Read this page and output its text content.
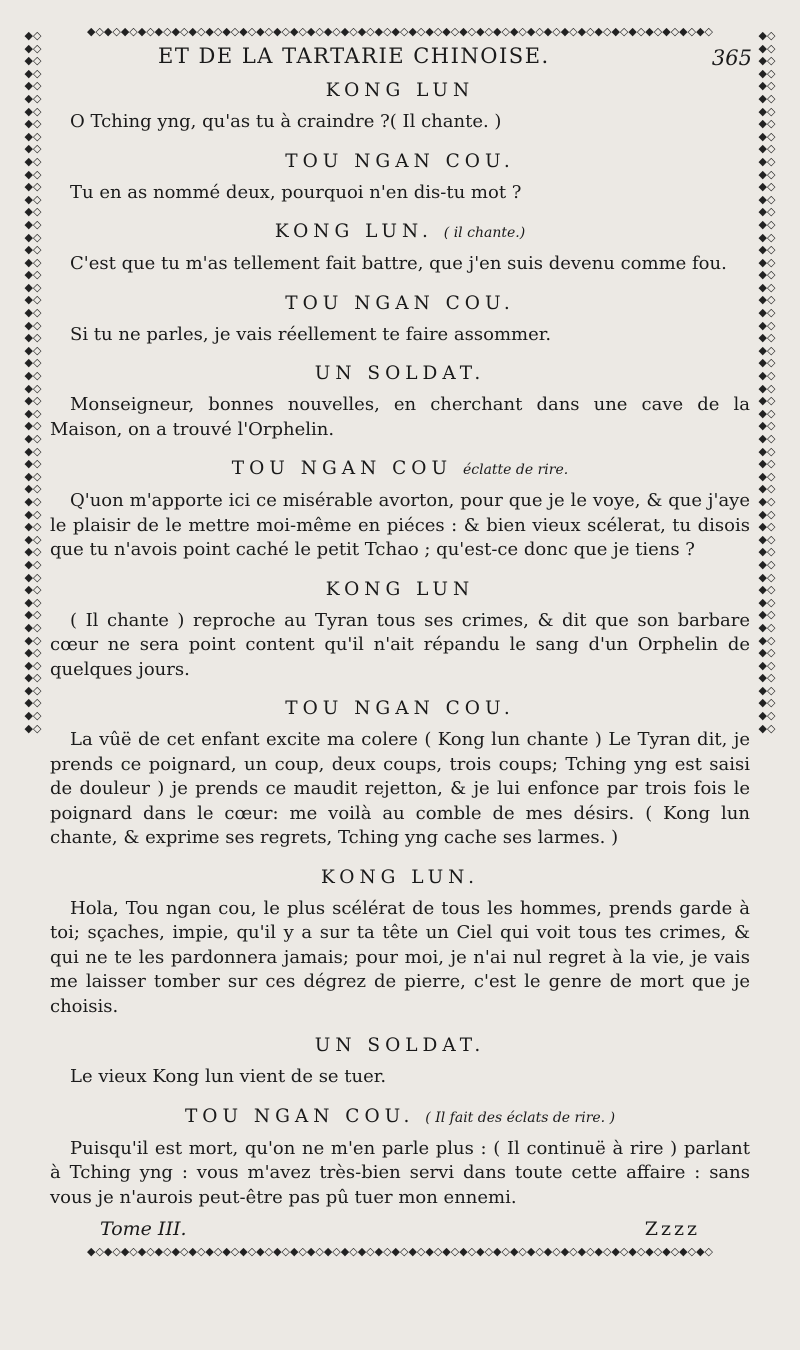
◆◇◆◇◆◇◆◇◆◇◆◇◆◇◆◇◆◇◆◇◆◇◆◇◆◇◆◇◆◇◆◇◆◇◆◇◆◇◆◇◆◇◆◇◆◇◆◇◆◇◆◇◆◇◆◇◆◇◆◇◆◇◆◇◆◇◆◇◆◇◆◇◆◇
◆◇◆◇◆◇◆◇◆◇◆◇◆◇◆◇◆◇◆◇◆◇◆◇◆◇◆◇◆◇◆◇◆◇◆◇◆◇◆◇◆◇◆◇◆◇◆◇◆◇◆◇◆◇◆◇◆◇◆◇◆◇◆◇◆◇◆◇◆◇◆◇◆◇
◆◇◆◇◆◇◆◇◆◇◆◇◆◇◆◇◆◇◆◇◆◇◆◇◆◇◆◇◆◇◆◇◆◇◆◇◆◇◆◇◆◇◆◇◆◇◆◇◆◇◆◇◆◇◆◇◆◇◆◇◆◇◆◇◆◇◆◇◆◇◆◇◆◇◆◇◆◇◆◇◆◇◆◇◆◇◆◇◆◇◆◇◆◇◆◇◆◇◆◇◆◇◆◇◆◇◆◇◆◇◆◇
◆◇◆◇◆◇◆◇◆◇◆◇◆◇◆◇◆◇◆◇◆◇◆◇◆◇◆◇◆◇◆◇◆◇◆◇◆◇◆◇◆◇◆◇◆◇◆◇◆◇◆◇◆◇◆◇◆◇◆◇◆◇◆◇◆◇◆◇◆◇◆◇◆◇◆◇◆◇◆◇◆◇◆◇◆◇◆◇◆◇◆◇◆◇◆◇◆◇◆◇◆◇◆◇◆◇◆◇◆◇◆◇
ET DE LA TARTARIE CHINOISE.	365

KONG LUN

O Tching yng, qu'as tu à craindre ?( Il chante. )

TOU NGAN COU.

Tu en as nommé deux, pourquoi n'en dis-tu mot ?

KONG LUN. ( il chante.)

C'est que tu m'as tellement fait battre, que j'en suis devenu comme fou.

TOU NGAN COU.

Si tu ne parles, je vais réellement te faire assommer.

UN SOLDAT.

Monseigneur, bonnes nouvelles, en cherchant dans une cave de la Maison, on a trouvé l'Orphelin.

TOU NGAN COU éclatte de rire.

Q'uon m'apporte ici ce misérable avorton, pour que je le voye, & que j'aye le plaisir de le mettre moi-même en piéces : & bien vieux scélerat, tu disois que tu n'avois point caché le petit Tchao ; qu'est-ce donc que je tiens ?

KONG LUN

( Il chante ) reproche au Tyran tous ses crimes, & dit que son barbare cœur ne sera point content qu'il n'ait répandu le sang d'un Orphelin de quelques jours.

TOU NGAN COU.

La vûë de cet enfant excite ma colere ( Kong lun chante ) Le Tyran dit, je prends ce poignard, un coup, deux coups, trois coups; Tching yng est saisi de douleur ) je prends ce maudit rejetton, & je lui enfonce par trois fois le poignard dans le cœur: me voilà au comble de mes désirs. ( Kong lun chante, & exprime ses regrets, Tching yng cache ses larmes. )

KONG LUN.

Hola, Tou ngan cou, le plus scélérat de tous les hommes, prends garde à toi; sçaches, impie, qu'il y a sur ta tête un Ciel qui voit tous tes crimes, & qui ne te les pardonnera jamais; pour moi, je n'ai nul regret à la vie, je vais me laisser tomber sur ces dégrez de pierre, c'est le genre de mort que je choisis.

UN SOLDAT.

Le vieux Kong lun vient de se tuer.

TOU NGAN COU. ( Il fait des éclats de rire. )

Puisqu'il est mort, qu'on ne m'en parle plus : ( Il continuë à rire ) parlant à Tching yng : vous m'avez très-bien servi dans toute cette affaire : sans vous je n'aurois peut-être pas pû tuer mon ennemi.

Tome III.	Zzzz
